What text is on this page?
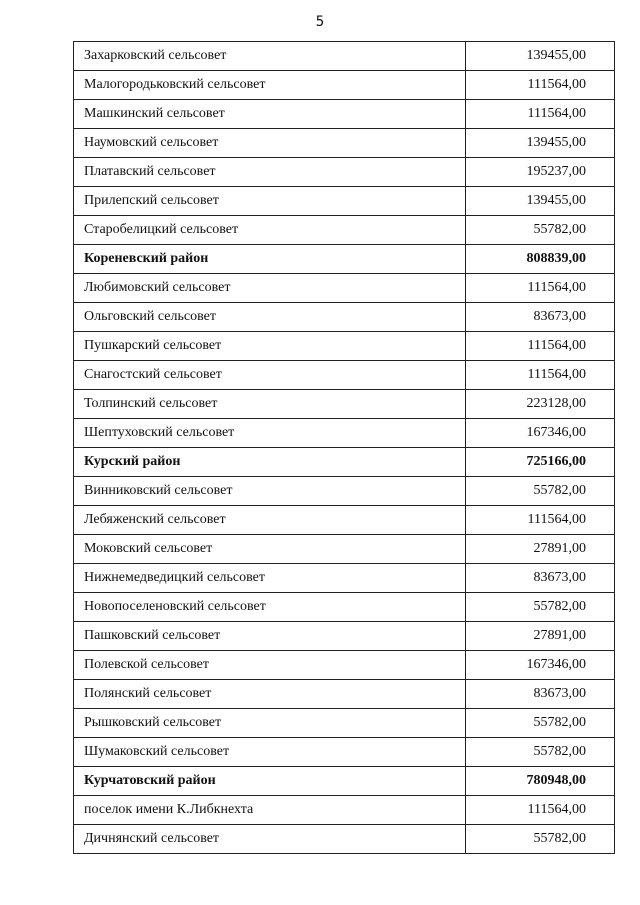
5
Захарковский сельсовет	139455,00
Малогородьковский сельсовет	111564,00
Машкинский сельсовет	111564,00
Наумовский сельсовет	139455,00
Платавский сельсовет	195237,00
Прилепский сельсовет	139455,00
Старобелицкий сельсовет	55782,00
Кореневский район	808839,00
Любимовский сельсовет	111564,00
Ольговский сельсовет	83673,00
Пушкарский сельсовет	111564,00
Снагостский сельсовет	111564,00
Толпинский сельсовет	223128,00
Шептуховский сельсовет	167346,00
Курский район	725166,00
Винниковский сельсовет	55782,00
Лебяженский сельсовет	111564,00
Моковский сельсовет	27891,00
Нижнемедведицкий сельсовет	83673,00
Новопоселеновский сельсовет	55782,00
Пашковский сельсовет	27891,00
Полевской сельсовет	167346,00
Полянский сельсовет	83673,00
Рышковский сельсовет	55782,00
Шумаковский сельсовет	55782,00
Курчатовский район	780948,00
поселок имени К.Либкнехта	111564,00
Дичнянский сельсовет	55782,00
